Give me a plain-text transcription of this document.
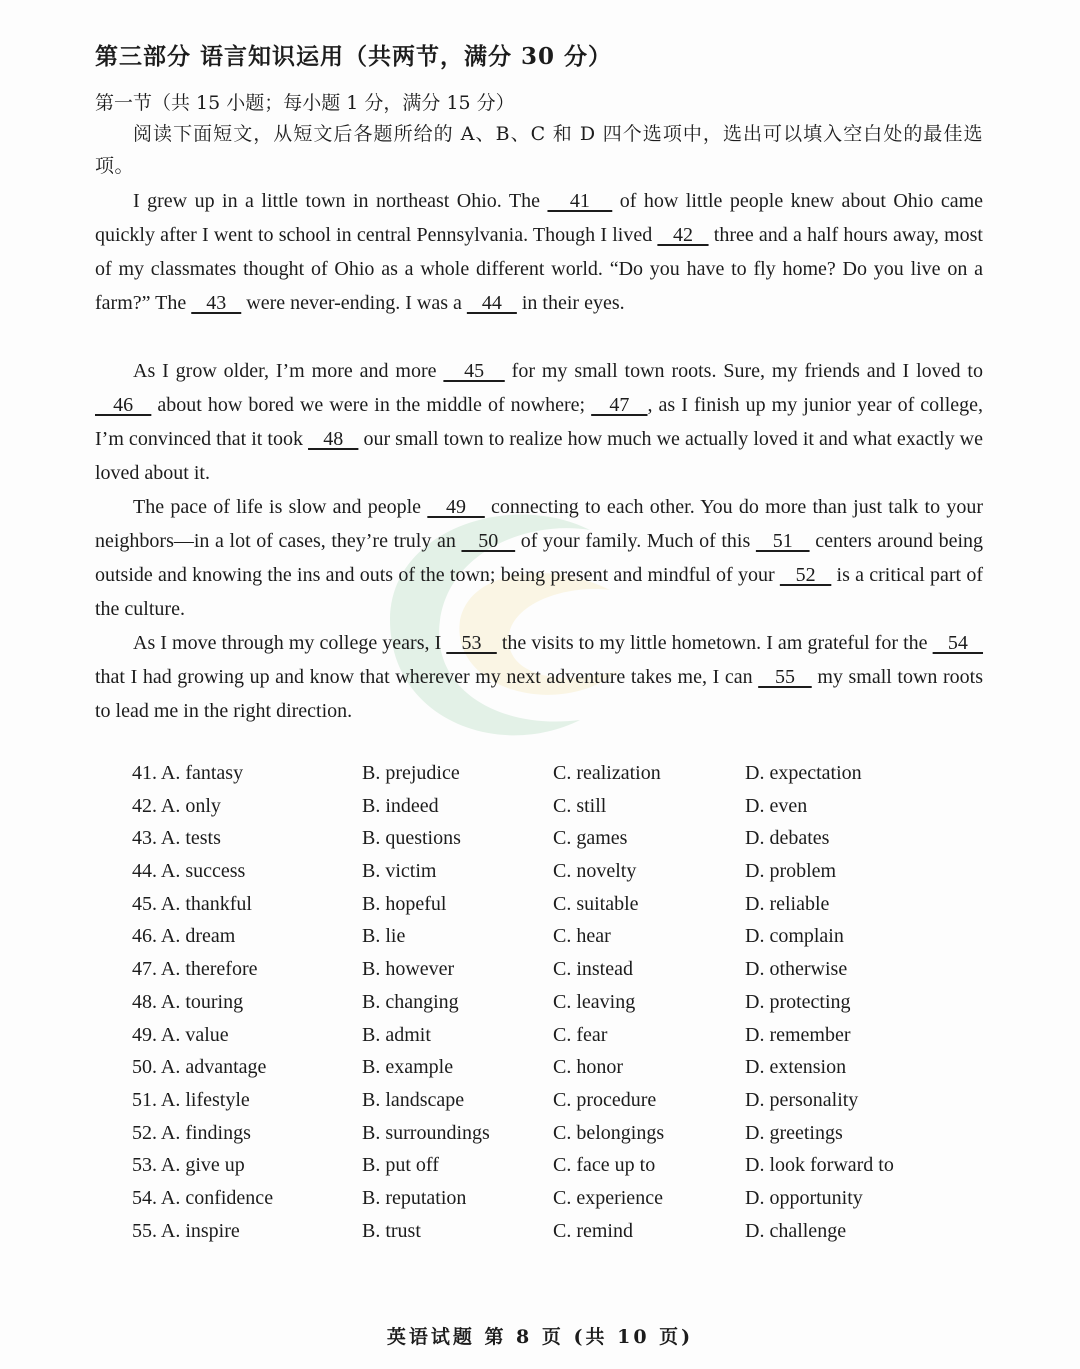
第三部分 语言知识运用（共两节，满分 30 分）
第一节（共 15 小题；每小题 1 分，满分 15 分）
阅读下面短文，从短文后各题所给的 A、B、C 和 D 四个选项中，选出可以填入空白处的最佳选项。
I grew up in a little town in northeast Ohio. The    41    of how little people knew about Ohio came quickly after I went to school in central Pennsylvania. Though I lived    42    three and a half hours away, most of my classmates thought of Ohio as a whole different world. “Do you have to fly home? Do you live on a farm?” The    43    were never-ending. I was a    44    in their eyes.
As I grow older, I’m more and more    45    for my small town roots. Sure, my friends and I loved to    46    about how bored we were in the middle of nowhere;    47   , as I finish up my junior year of college, I’m convinced that it took    48    our small town to realize how much we actually loved it and what exactly we loved about it.
The pace of life is slow and people    49    connecting to each other. You do more than just talk to your neighbors—in a lot of cases, they’re truly an    50    of your family. Much of this    51    centers around being outside and knowing the ins and outs of the town; being present and mindful of your    52    is a critical part of the culture.
As I move through my college years, I    53    the visits to my little hometown. I am grateful for the    54    that I had growing up and know that wherever my next adventure takes me, I can    55    my small town roots to lead me in the right direction.
41. A. fantasy	B. prejudice	C. realization	D. expectation
42. A. only	B. indeed	C. still	D. even
43. A. tests	B. questions	C. games	D. debates
44. A. success	B. victim	C. novelty	D. problem
45. A. thankful	B. hopeful	C. suitable	D. reliable
46. A. dream	B. lie	C. hear	D. complain
47. A. therefore	B. however	C. instead	D. otherwise
48. A. touring	B. changing	C. leaving	D. protecting
49. A. value	B. admit	C. fear	D. remember
50. A. advantage	B. example	C. honor	D. extension
51. A. lifestyle	B. landscape	C. procedure	D. personality
52. A. findings	B. surroundings	C. belongings	D. greetings
53. A. give up	B. put off	C. face up to	D. look forward to
54. A. confidence	B. reputation	C. experience	D. opportunity
55. A. inspire	B. trust	C. remind	D. challenge
英语试题 第 8 页 (共 10 页)
